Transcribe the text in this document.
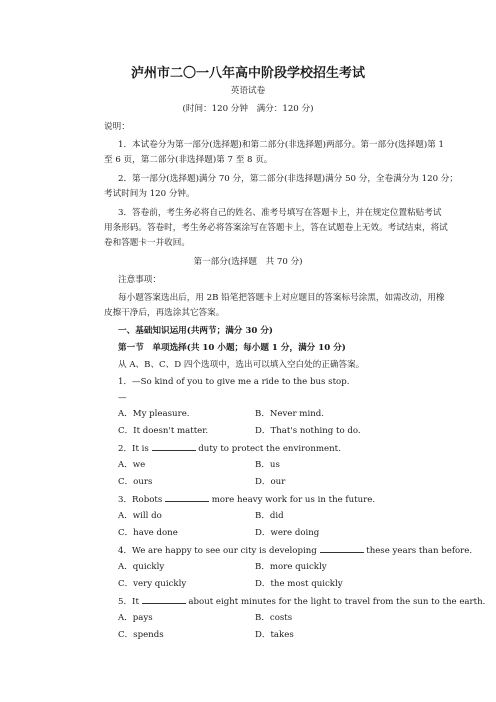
泸州市二〇一八年高中阶段学校招生考试
英语试卷
(时间：120 分钟　满分：120 分)
说明：
1．本试卷分为第一部分(选择题)和第二部分(非选择题)两部分。第一部分(选择题)第 1
至 6 页，第二部分(非选择题)第 7 至 8 页。
2．第一部分(选择题)满分 70 分，第二部分(非选择题)满分 50 分，全卷满分为 120 分；
考试时间为 120 分钟。
3．答卷前，考生务必将自己的姓名、准考号填写在答题卡上，并在规定位置粘贴考试
用条形码。答卷时，考生务必将答案涂写在答题卡上，答在试题卷上无效。考试结束，将试
卷和答题卡一并收回。
第一部分(选择题　共 70 分)
注意事项：
每小题答案选出后，用 2B 铅笔把答题卡上对应题目的答案标号涂黑，如需改动，用橡
皮擦干净后，再选涂其它答案。
一、基础知识运用(共两节；满分 30 分)
第一节　单项选择(共 10 小题；每小题 1 分，满分 10 分)
从 A、B、C、D 四个选项中，选出可以填入空白处的正确答案。
1．—So kind of you to give me a ride to the bus stop.
—
A．My pleasure.	B．Never mind.
C．It doesn't matter.	D．That's nothing to do.
2．It is	duty to protect the environment.
A．we	B．us
C．ours	D．our
3．Robots	more heavy work for us in the future.
A．will do	B．did
C．have done	D．were doing
4．We are happy to see our city is developing	these years than before.
A．quickly	B．more quickly
C．very quickly	D．the most quickly
5．It	about eight minutes for the light to travel from the sun to the earth.
A．pays	B．costs
C．spends	D．takes
